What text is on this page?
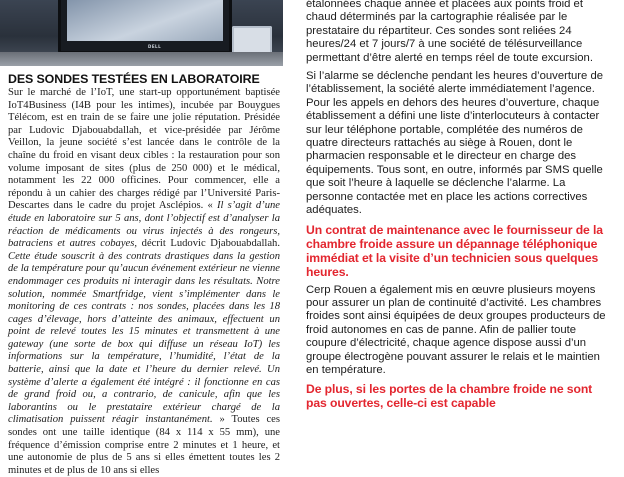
DELL
DES SONDES TESTÉES EN LABORATOIRE

Sur le marché de l’IoT, une start-up opportunément baptisée IoT4Business (I4B pour les intimes), incubée par Bouygues Télécom, est en train de se faire une jolie réputation. Présidée par Ludovic Djabouabdallah, et vice-présidée par Jérôme Veillon, la jeune société s’est lancée dans le contrôle de la chaîne du froid en visant deux cibles : la restauration pour son volume imposant de sites (plus de 250 000) et le médical, notamment les 22 000 officines. Pour commencer, elle a répondu à un cahier des charges rédigé par l’Université Paris-Descartes dans le cadre du projet Asclépios. « Il s’agit d’une étude en laboratoire sur 5 ans, dont l’objectif est d’analyser la réaction de médicaments ou virus injectés à des rongeurs, batraciens et autres cobayes, décrit Ludovic Djabouabdallah. Cette étude souscrit à des contrats drastiques dans la gestion de la température pour qu’aucun événement extérieur ne vienne endommager ces produits ni interagir dans les résultats. Notre solution, nommée Smartfridge, vient s’implémenter dans le monitoring de ces contrats : nos sondes, placées dans les 18 cages d’élevage, hors d’atteinte des animaux, effectuent un point de relevé toutes les 15 minutes et transmettent à une gateway (une sorte de box qui diffuse un réseau IoT) les informations sur la température, l’humidité, l’état de la batterie, ainsi que la date et l’heure du dernier relevé. Un système d’alerte a également été intégré : il fonctionne en cas de grand froid ou, a contrario, de canicule, afin que les laborantins ou le prestataire extérieur chargé de la climatisation puissent réagir instantanément. » Toutes ces sondes ont une taille identique (84 x 114 x 55 mm), une fréquence d’émission comprise entre 2 minutes et 1 heure, et une autonomie de plus de 5 ans si elles émettent toutes les 2 minutes et de plus de 10 ans si elles

étalonnées chaque année et placées aux points froid et chaud déterminés par la cartographie réalisée par le prestataire du répartiteur. Ces sondes sont reliées 24 heures/24 et 7 jours/7 à une société de télésurveillance permettant d’être alerté en temps réel de toute excursion.

Si l’alarme se déclenche pendant les heures d’ouverture de l’établissement, la société alerte immédiatement l’agence. Pour les appels en dehors des heures d’ouverture, chaque établissement a défini une liste d’interlocuteurs à contacter sur leur téléphone portable, complétée des numéros de quatre directeurs rattachés au siège à Rouen, dont le pharmacien responsable et le directeur en charge des équipements. Tous sont, en outre, informés par SMS quelle que soit l’heure à laquelle se déclenche l’alarme. La personne contactée met en place les actions correctives adéquates.

Un contrat de maintenance avec le fournisseur de la chambre froide assure un dépannage téléphonique immédiat et la visite d’un technicien sous quelques heures.

Cerp Rouen a également mis en œuvre plusieurs moyens pour assurer un plan de continuité d’activité. Les chambres froides sont ainsi équipées de deux groupes producteurs de froid autonomes en cas de panne. Afin de pallier toute coupure d’électricité, chaque agence dispose aussi d’un groupe électrogène pouvant assurer le relais et le maintien en température.

De plus, si les portes de la chambre froide ne sont pas ouvertes, celle-ci est capable
